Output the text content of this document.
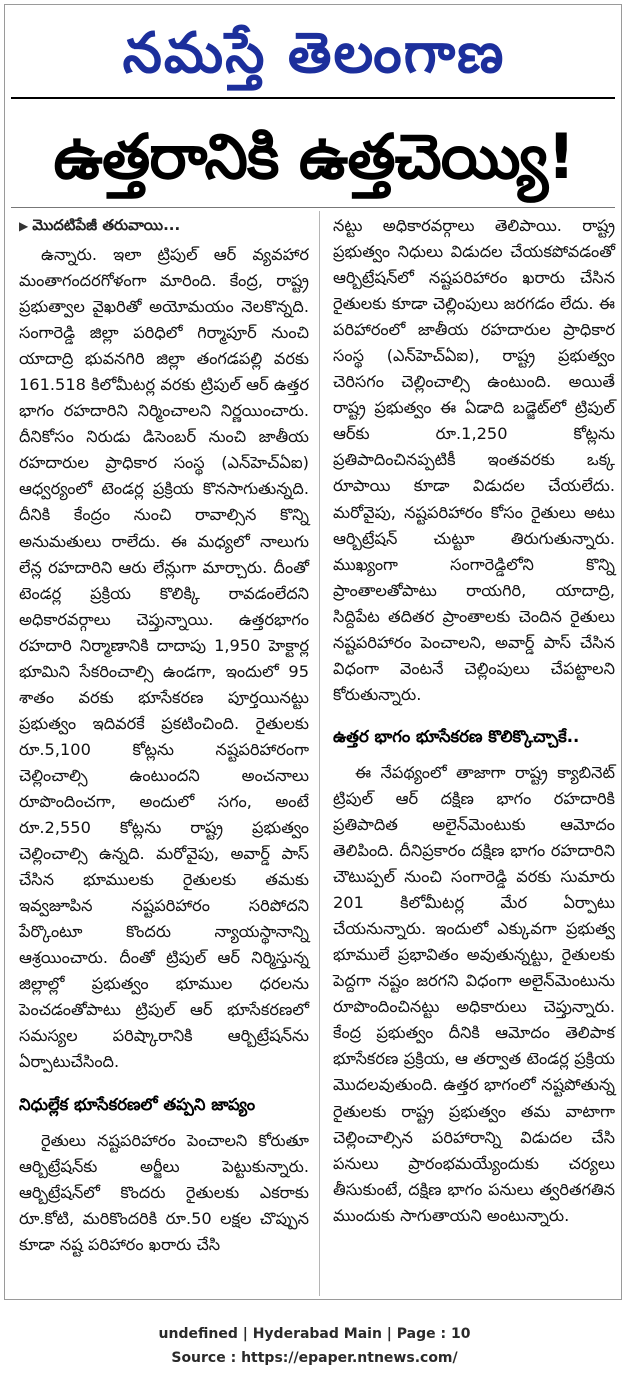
నమస్తే తెలంగాణ
ఉత్తరానికి ఉత్తచెయ్యి!
▶ మొదటిపేజీ తరువాయి...

ఉన్నారు. ఇలా ట్రిపుల్ ఆర్ వ్యవహార మంతాగందరగోళంగా మారింది. కేంద్ర, రాష్ట్ర ప్రభుత్వాల వైఖరితో అయోమయం నెలకొన్నది. సంగారెడ్డి జిల్లా పరిధిలో గిర్మాపూర్ నుంచి యాదాద్రి భువనగిరి జిల్లా తంగడపల్లి వరకు 161.518 కిలోమీటర్ల వరకు ట్రిపుల్ ఆర్ ఉత్తర భాగం రహదారిని నిర్మించాలని నిర్ణయించారు. దీనికోసం నిరుడు డిసెంబర్ నుంచి జాతీయ రహదారుల ప్రాధికార సంస్థ (ఎన్‌హెచ్‌ఏఐ) ఆధ్వర్యంలో టెండర్ల ప్రక్రియ కొనసాగుతున్నది. దీనికి కేంద్రం నుంచి రావాల్సిన కొన్ని అనుమతులు రాలేదు. ఈ మధ్యలో నాలుగు లేన్ల రహదారిని ఆరు లేన్లుగా మార్చారు. దీంతో టెండర్ల ప్రక్రియ కొలిక్కి రావడంలేదని అధికారవర్గాలు చెప్తున్నాయి. ఉత్తరభాగం రహదారి నిర్మాణానికి దాదాపు 1,950 హెక్టార్ల భూమిని సేకరించాల్సి ఉండగా, ఇందులో 95 శాతం వరకు భూసేకరణ పూర్తయినట్టు ప్రభుత్వం ఇదివరకే ప్రకటించింది. రైతులకు రూ.5,100 కోట్లను నష్టపరిహారంగా చెల్లించాల్సి ఉంటుందని అంచనాలు రూపొందించగా, అందులో సగం, అంటే రూ.2,550 కోట్లను రాష్ట్ర ప్రభుత్వం చెల్లించాల్సి ఉన్నది. మరోవైపు, అవార్డ్ పాస్ చేసిన భూములకు రైతులకు తమకు ఇవ్వజూపిన నష్టపరిహారం సరిపోదని పేర్కొంటూ కొందరు న్యాయస్థానాన్ని ఆశ్రయించారు. దీంతో ట్రిపుల్ ఆర్ నిర్మిస్తున్న జిల్లాల్లో ప్రభుత్వం భూముల ధరలను పెంచడంతోపాటు ట్రిపుల్ ఆర్ భూసేకరణలో సమస్యల పరిష్కారానికి ఆర్బిట్రేషన్‌ను ఏర్పాటుచేసింది.

నిధుల్లేక భూసేకరణలో తప్పని జాప్యం

రైతులు నష్టపరిహారం పెంచాలని కోరుతూ ఆర్బిట్రేషన్‌కు అర్జీలు పెట్టుకున్నారు. ఆర్బిట్రేషన్‌లో కొందరు రైతులకు ఎకరాకు రూ.కోటి, మరికొందరికి రూ.50 లక్షల చొప్పున కూడా నష్ట పరిహారం ఖరారు చేసి

నట్టు అధికారవర్గాలు తెలిపాయి. రాష్ట్ర ప్రభుత్వం నిధులు విడుదల చేయకపోవడంతో ఆర్బిట్రేషన్‌లో నష్టపరిహారం ఖరారు చేసిన రైతులకు కూడా చెల్లింపులు జరగడం లేదు. ఈ పరిహారంలో జాతీయ రహదారుల ప్రాధికార సంస్థ (ఎన్‌హెచ్‌ఏఐ), రాష్ట్ర ప్రభుత్వం చెరిసగం చెల్లించాల్సి ఉంటుంది. అయితే రాష్ట్ర ప్రభుత్వం ఈ ఏడాది బడ్జెట్‌లో ట్రిపుల్ ఆర్‌కు రూ.1,250 కోట్లను ప్రతిపాదించినప్పటికీ ఇంతవరకు ఒక్క రూపాయి కూడా విడుదల చేయలేదు. మరోవైపు, నష్టపరిహారం కోసం రైతులు అటు ఆర్బిట్రేషన్ చుట్టూ తిరుగుతున్నారు. ముఖ్యంగా సంగారెడ్డిలోని కొన్ని ప్రాంతాలతోపాటు రాయగిరి, యాదాద్రి, సిద్దిపేట తదితర ప్రాంతాలకు చెందిన రైతులు నష్టపరిహారం పెంచాలని, అవార్డ్ పాస్ చేసిన విధంగా వెంటనే చెల్లింపులు చేపట్టాలని కోరుతున్నారు.

ఉత్తర భాగం భూసేకరణ కొలిక్కొచ్చాకే..

ఈ నేపథ్యంలో తాజాగా రాష్ట్ర క్యాబినెట్ ట్రిపుల్ ఆర్ దక్షిణ భాగం రహదారికి ప్రతిపాదిత అలైన్‌మెంటుకు ఆమోదం తెలిపింది. దీనిప్రకారం దక్షిణ భాగం రహదారిని చౌటుప్పల్ నుంచి సంగారెడ్డి వరకు సుమారు 201 కిలోమీటర్ల మేర ఏర్పాటు చేయనున్నారు. ఇందులో ఎక్కువగా ప్రభుత్వ భూములే ప్రభావితం అవుతున్నట్టు, రైతులకు పెద్దగా నష్టం జరగని విధంగా అలైన్‌మెంటును రూపొందించినట్టు అధికారులు చెప్తున్నారు. కేంద్ర ప్రభుత్వం దీనికి ఆమోదం తెలిపాక భూసేకరణ ప్రక్రియ, ఆ తర్వాత టెండర్ల ప్రక్రియ మొదలవుతుంది. ఉత్తర భాగంలో నష్టపోతున్న రైతులకు రాష్ట్ర ప్రభుత్వం తమ వాటాగా చెల్లించాల్సిన పరిహారాన్ని విడుదల చేసి పనులు ప్రారంభమయ్యేందుకు చర్యలు తీసుకుంటే, దక్షిణ భాగం పనులు త్వరితగతిన ముందుకు సాగుతాయని అంటున్నారు.

undefined | Hyderabad Main | Page : 10
Source : https://epaper.ntnews.com/
